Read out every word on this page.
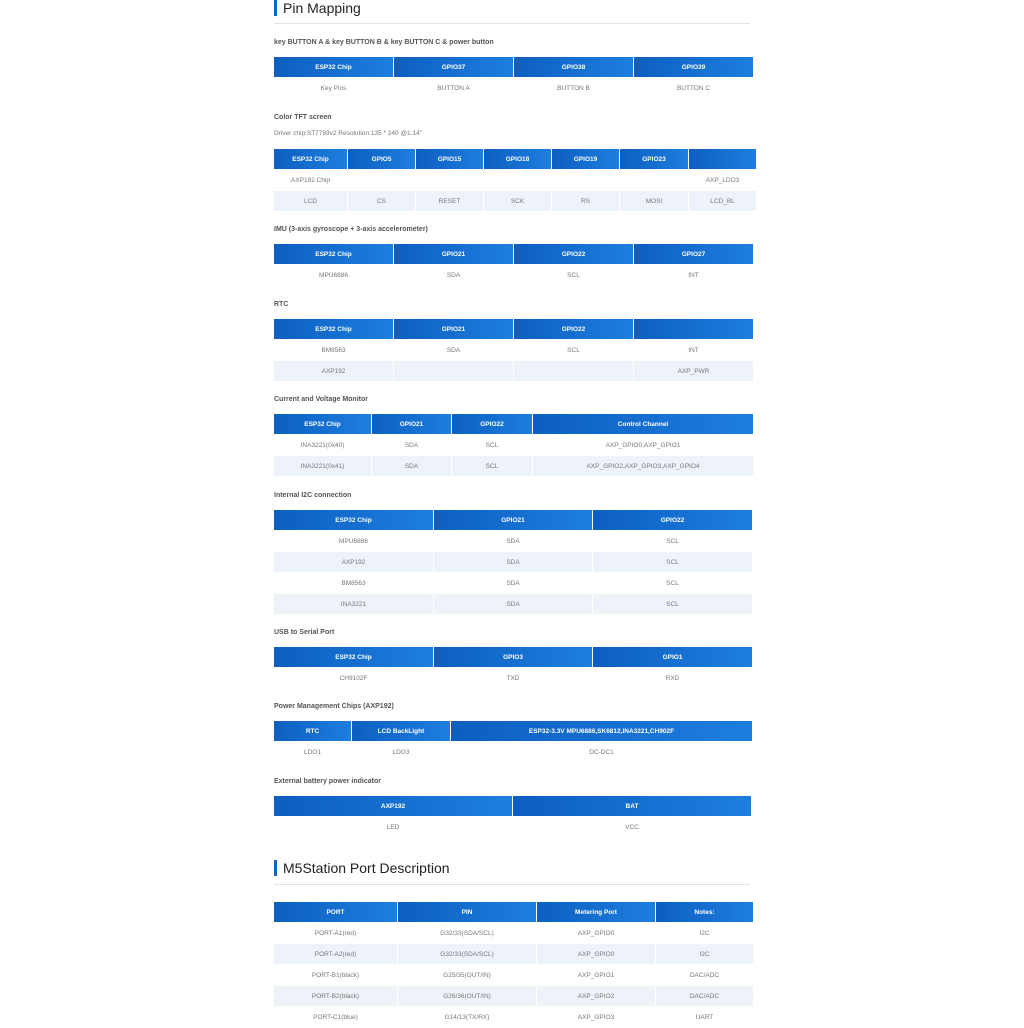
Pin Mapping
key BUTTON A & key BUTTON B & key BUTTON C & power button
ESP32 Chip	GPIO37	GPIO38	GPIO39
Key Pins	BUTTON A	BUTTON B	BUTTON C
Color TFT screen
Driver chip:ST7789v2 Resolution:135 * 240 @1.14"
ESP32 Chip	GPIO5	GPIO15	GPIO18	GPIO19	GPIO23	
AXP192 Chip						AXP_LDO3
LCD	CS	RESET	SCK	RS	MOSI	LCD_BL
IMU (3-axis gyroscope + 3-axis accelerometer)
ESP32 Chip	GPIO21	GPIO22	GPIO27
MPU6886	SDA	SCL	INT
RTC
ESP32 Chip	GPIO21	GPIO22	
BM8563	SDA	SCL	INT
AXP192			AXP_PWR
Current and Voltage Monitor
ESP32 Chip	GPIO21	GPIO22	Control Channel
INA3221(0x40)	SDA	SCL	AXP_GPIO0,AXP_GPIO1
INA3221(0x41)	SDA	SCL	AXP_GPIO2,AXP_GPIO3,AXP_GPIO4
Internal I2C connection
ESP32 Chip	GPIO21	GPIO22
MPU6886	SDA	SCL
AXP192	SDA	SCL
BM8563	SDA	SCL
INA3221	SDA	SCL
USB to Serial Port
ESP32 Chip	GPIO3	GPIO1
CH9102F	TXD	RXD
Power Management Chips (AXP192)
RTC	LCD BackLight	ESP32-3.3V MPU6886,SK6812,INA3221,CH902F
LDO1	LDO3	DC-DC1
External battery power indicator
AXP192	BAT
LED	VCC
M5Station Port Description
PORT	PIN	Metering Port	Notes:
PORT-A1(red)	G32/33(SDA/SCL)	AXP_GPIO0	I2C
PORT-A2(red)	G32/33(SDA/SCL)	AXP_GPIO0	I2C
PORT-B1(black)	G25/35(OUT/IN)	AXP_GPIO1	DAC/ADC
PORT-B2(black)	G26/36(OUT/IN)	AXP_GPIO2	DAC/ADC
PORT-C1(blue)	G14/13(TX/RX)	AXP_GPIO3	UART
